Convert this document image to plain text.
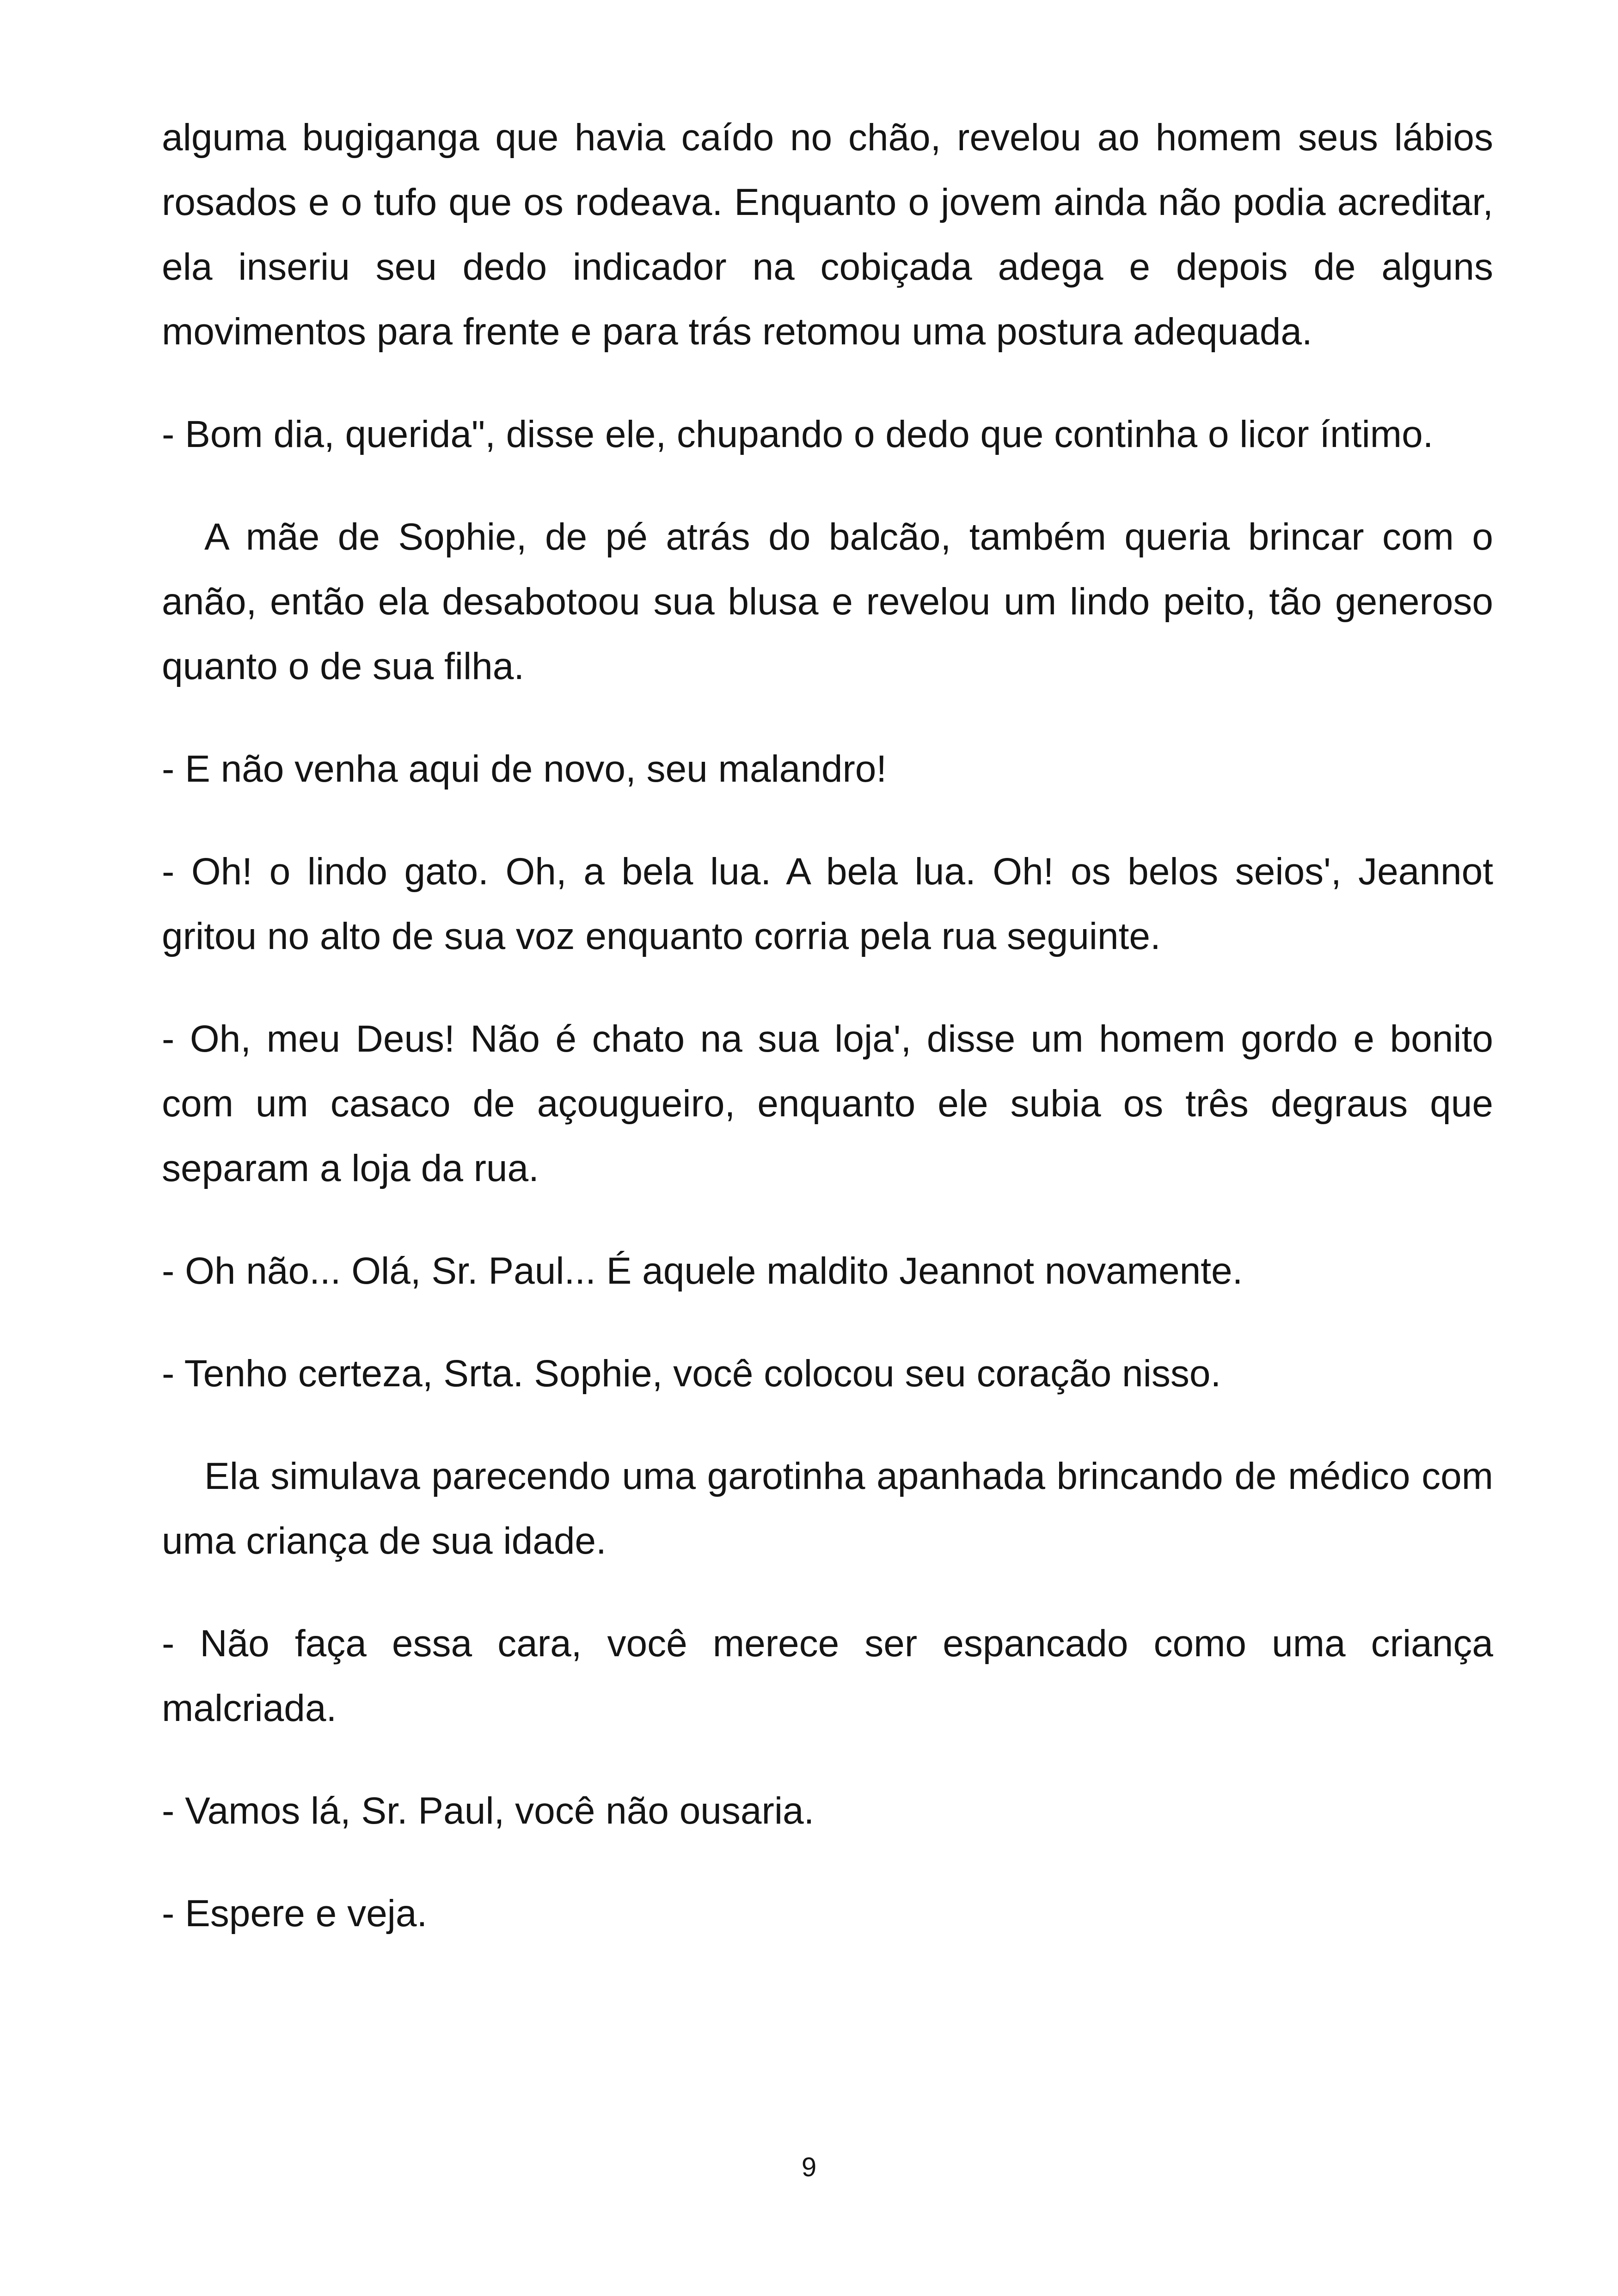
alguma bugiganga que havia caído no chão, revelou ao homem seus lábios rosados e o tufo que os rodeava. Enquanto o jovem ainda não podia acreditar, ela inseriu seu dedo indicador na cobiçada adega e depois de alguns movimentos para frente e para trás retomou uma postura adequada.

- Bom dia, querida", disse ele, chupando o dedo que continha o licor íntimo.

A mãe de Sophie, de pé atrás do balcão, também queria brincar com o anão, então ela desabotoou sua blusa e revelou um lindo peito, tão generoso quanto o de sua filha.

- E não venha aqui de novo, seu malandro!

- Oh! o lindo gato. Oh, a bela lua. A bela lua. Oh! os belos seios', Jeannot gritou no alto de sua voz enquanto corria pela rua seguinte.

- Oh, meu Deus! Não é chato na sua loja', disse um homem gordo e bonito com um casaco de açougueiro, enquanto ele subia os três degraus que separam a loja da rua.

- Oh não... Olá, Sr. Paul... É aquele maldito Jeannot novamente.

- Tenho certeza, Srta. Sophie, você colocou seu coração nisso.

Ela simulava parecendo uma garotinha apanhada brincando de médico com uma criança de sua idade.

- Não faça essa cara, você merece ser espancado como uma criança malcriada.

- Vamos lá, Sr. Paul, você não ousaria.

- Espere e veja.

9
